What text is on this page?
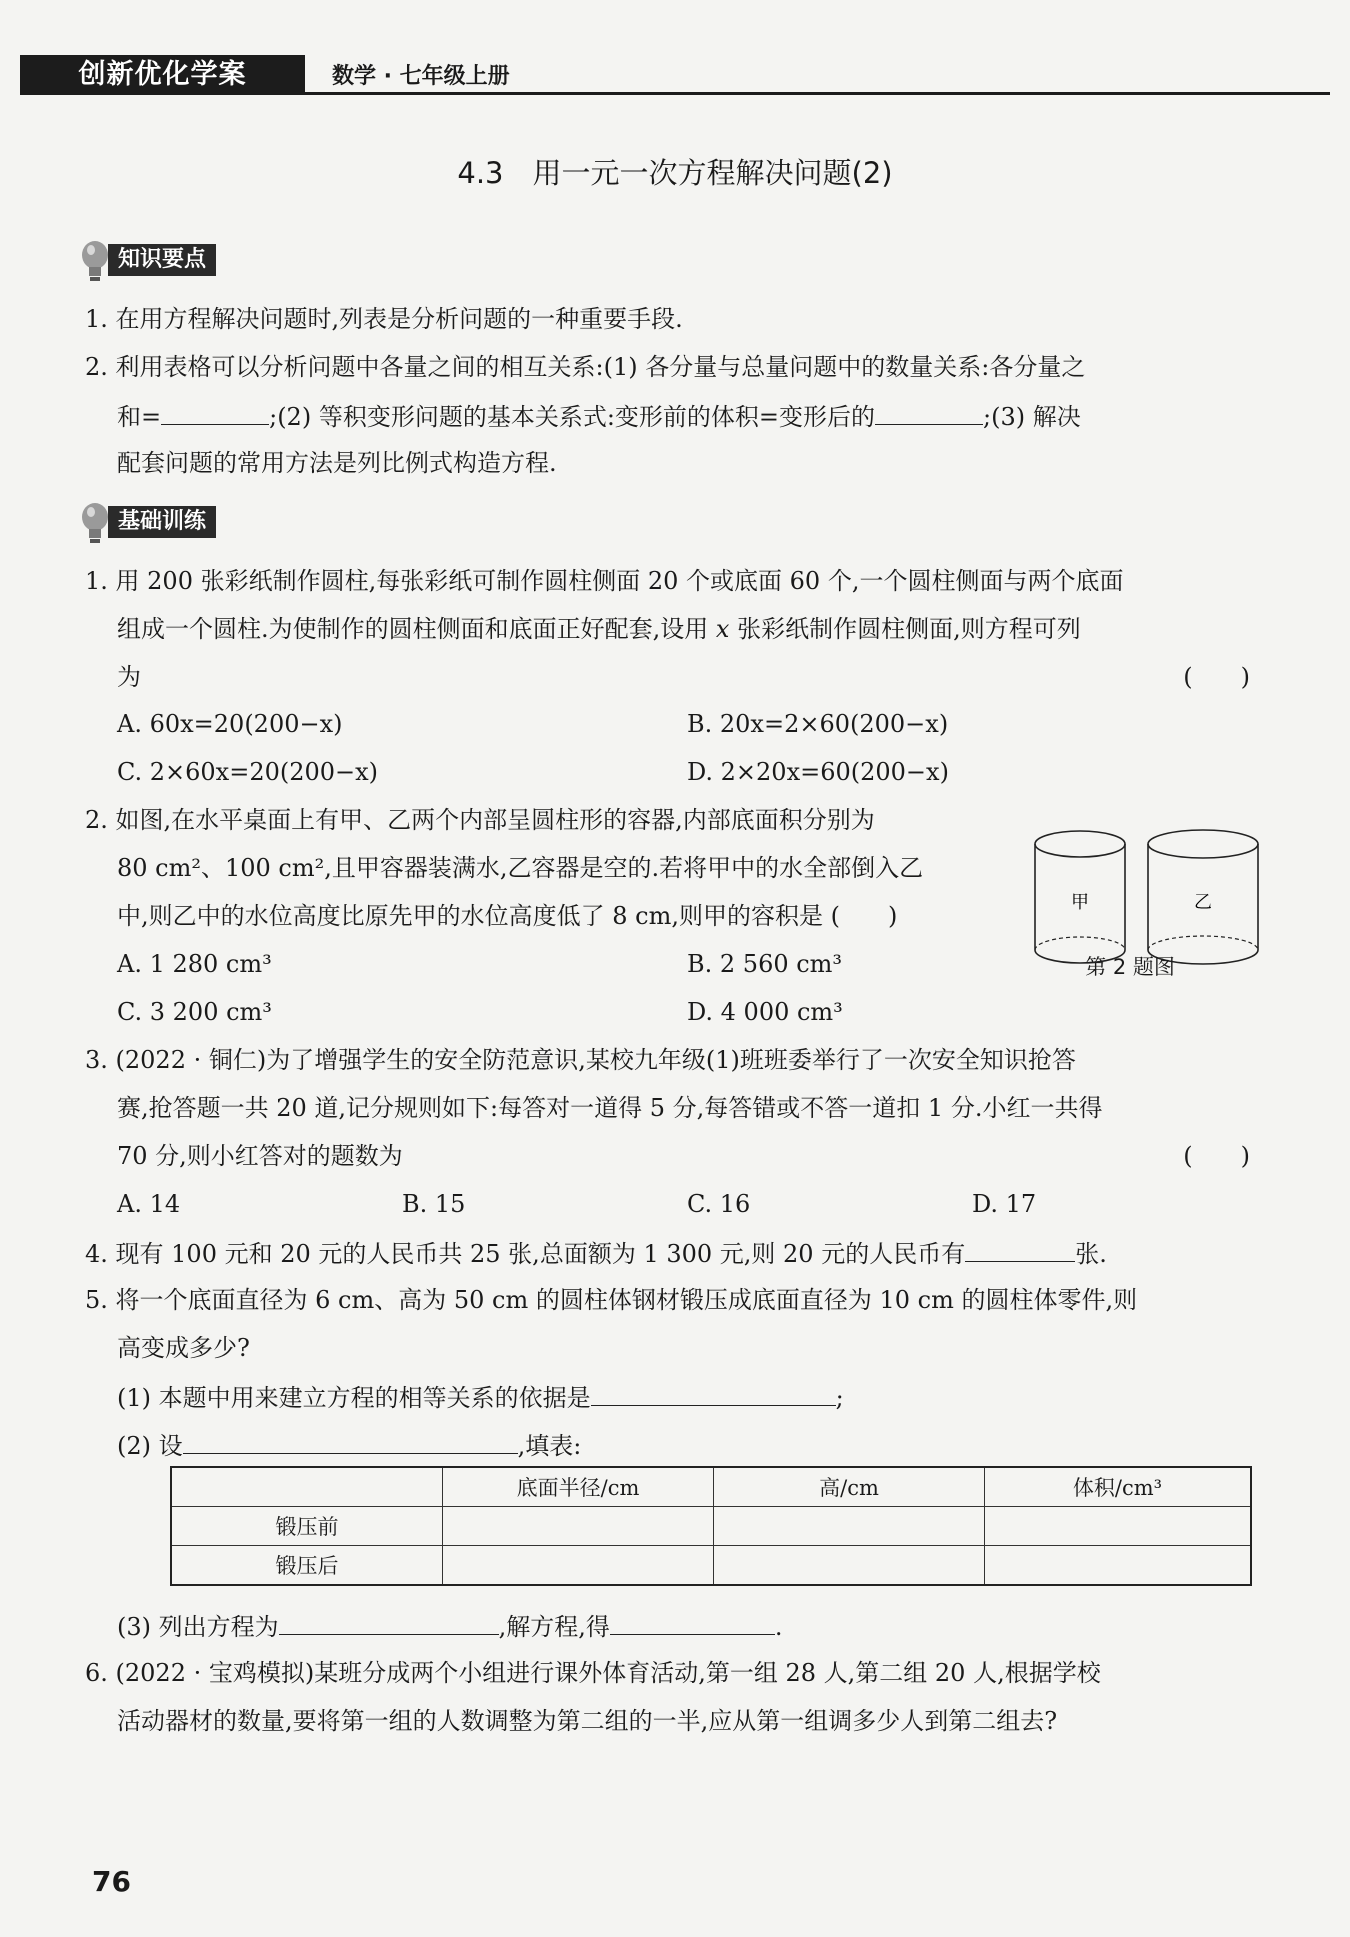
创新优化学案	数学 · 七年级上册
4.3　用一元一次方程解决问题(2)
知识要点
1. 在用方程解决问题时,列表是分析问题的一种重要手段.
2. 利用表格可以分析问题中各量之间的相互关系:(1) 各分量与总量问题中的数量关系:各分量之
和=	;(2) 等积变形问题的基本关系式:变形前的体积=变形后的	;(3) 解决
配套问题的常用方法是列比例式构造方程.
基础训练
1. 用 200 张彩纸制作圆柱,每张彩纸可制作圆柱侧面 20 个或底面 60 个,一个圆柱侧面与两个底面
组成一个圆柱.为使制作的圆柱侧面和底面正好配套,设用 x 张彩纸制作圆柱侧面,则方程可列
为	(　　)
A. 60x=20(200−x)	B. 20x=2×60(200−x)
C. 2×60x=20(200−x)	D. 2×20x=60(200−x)
2. 如图,在水平桌面上有甲、乙两个内部呈圆柱形的容器,内部底面积分别为
80 cm²、100 cm²,且甲容器装满水,乙容器是空的.若将甲中的水全部倒入乙
中,则乙中的水位高度比原先甲的水位高度低了 8 cm,则甲的容积是 (　　)
A. 1 280 cm³	B. 2 560 cm³
C. 3 200 cm³	D. 4 000 cm³
甲	乙
第 2 题图
3. (2022 · 铜仁)为了增强学生的安全防范意识,某校九年级(1)班班委举行了一次安全知识抢答
赛,抢答题一共 20 道,记分规则如下:每答对一道得 5 分,每答错或不答一道扣 1 分.小红一共得
70 分,则小红答对的题数为	(　　)
A. 14	B. 15	C. 16	D. 17
4. 现有 100 元和 20 元的人民币共 25 张,总面额为 1 300 元,则 20 元的人民币有	张.
5. 将一个底面直径为 6 cm、高为 50 cm 的圆柱体钢材锻压成底面直径为 10 cm 的圆柱体零件,则
高变成多少?
(1) 本题中用来建立方程的相等关系的依据是	;
(2) 设	,填表:
	底面半径/cm	高/cm	体积/cm³
锻压前			
锻压后			
(3) 列出方程为	,解方程,得	.
6. (2022 · 宝鸡模拟)某班分成两个小组进行课外体育活动,第一组 28 人,第二组 20 人,根据学校
活动器材的数量,要将第一组的人数调整为第二组的一半,应从第一组调多少人到第二组去?
76
